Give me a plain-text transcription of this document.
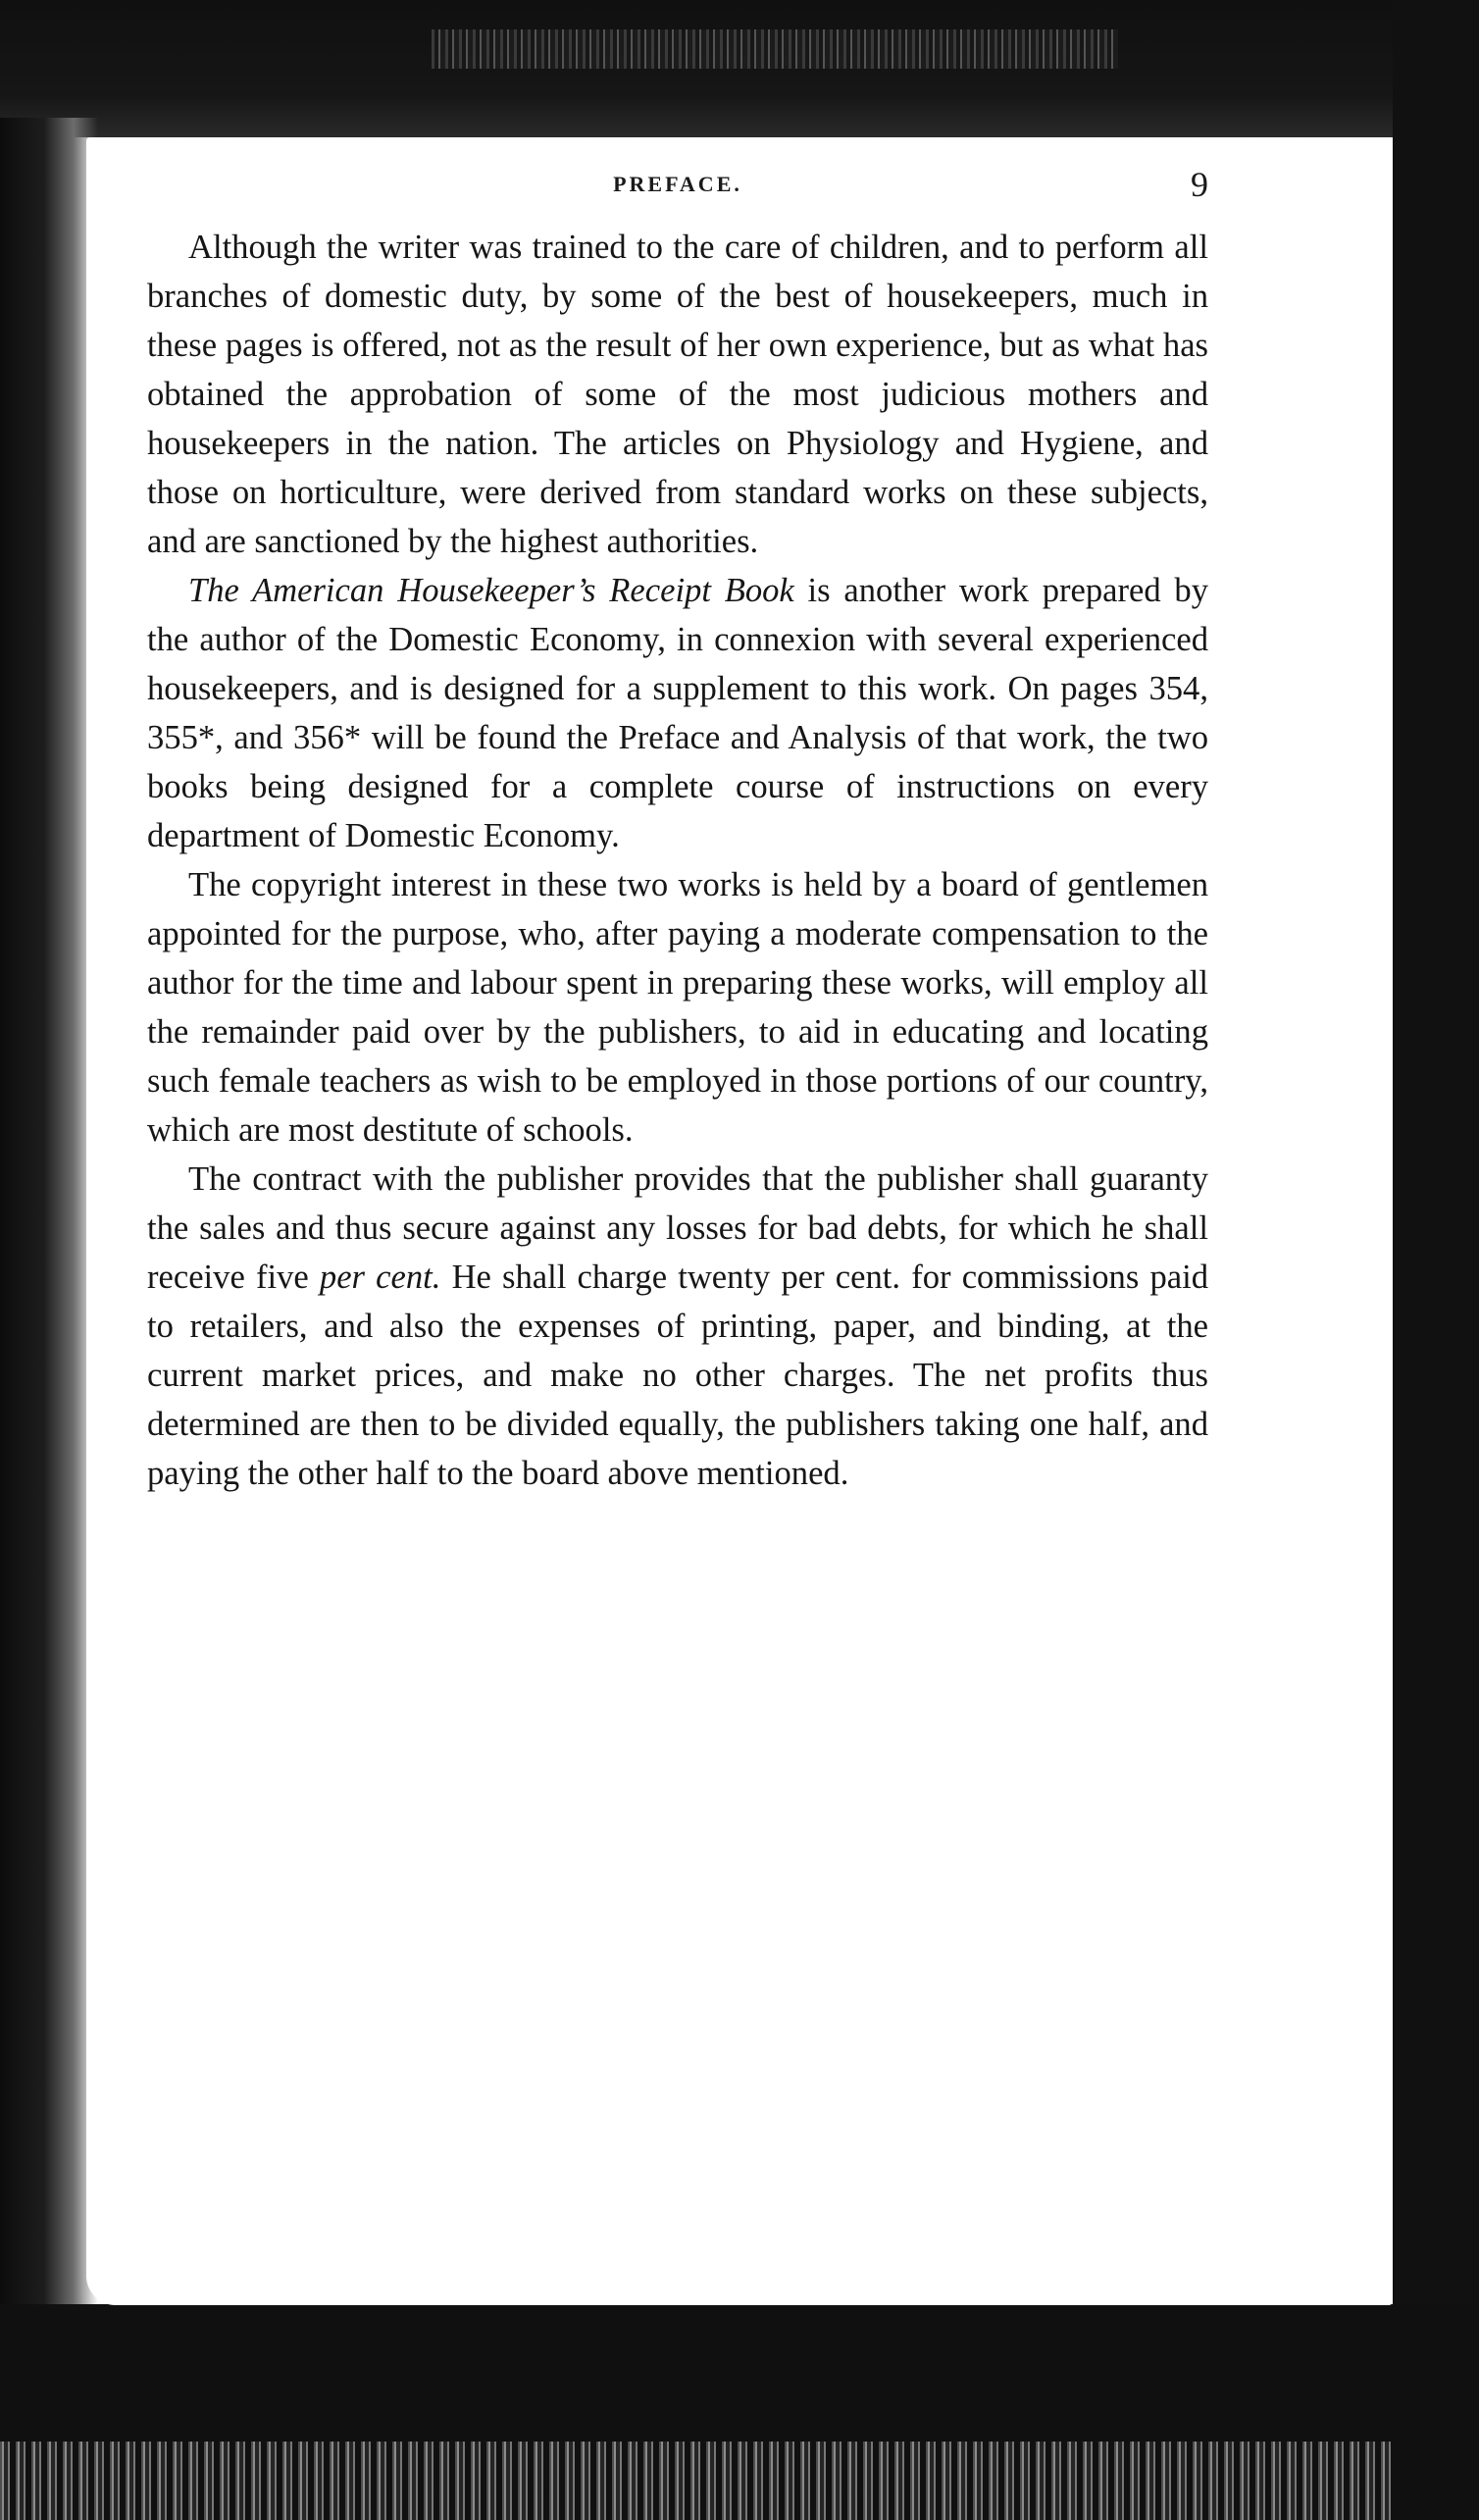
PREFACE.	9

Although the writer was trained to the care of children, and to perform all branches of domestic duty, by some of the best of housekeepers, much in these pages is offered, not as the result of her own experience, but as what has obtained the approbation of some of the most judicious mothers and housekeepers in the nation. The articles on Physiology and Hygiene, and those on horticulture, were derived from standard works on these subjects, and are sanctioned by the highest authorities.

The American Housekeeper’s Receipt Book is another work prepared by the author of the Domestic Economy, in connexion with several experienced housekeepers, and is designed for a supplement to this work. On pages 354, 355*, and 356* will be found the Preface and Analysis of that work, the two books being designed for a complete course of instructions on every department of Domestic Economy.

The copyright interest in these two works is held by a board of gentlemen appointed for the purpose, who, after paying a moderate compensation to the author for the time and labour spent in preparing these works, will employ all the remainder paid over by the publishers, to aid in educating and locating such female teachers as wish to be employed in those portions of our country, which are most destitute of schools.

The contract with the publisher provides that the publisher shall guaranty the sales and thus secure against any losses for bad debts, for which he shall receive five per cent. He shall charge twenty per cent. for commissions paid to retailers, and also the expenses of printing, paper, and binding, at the current market prices, and make no other charges. The net profits thus determined are then to be divided equally, the publishers taking one half, and paying the other half to the board above mentioned.
